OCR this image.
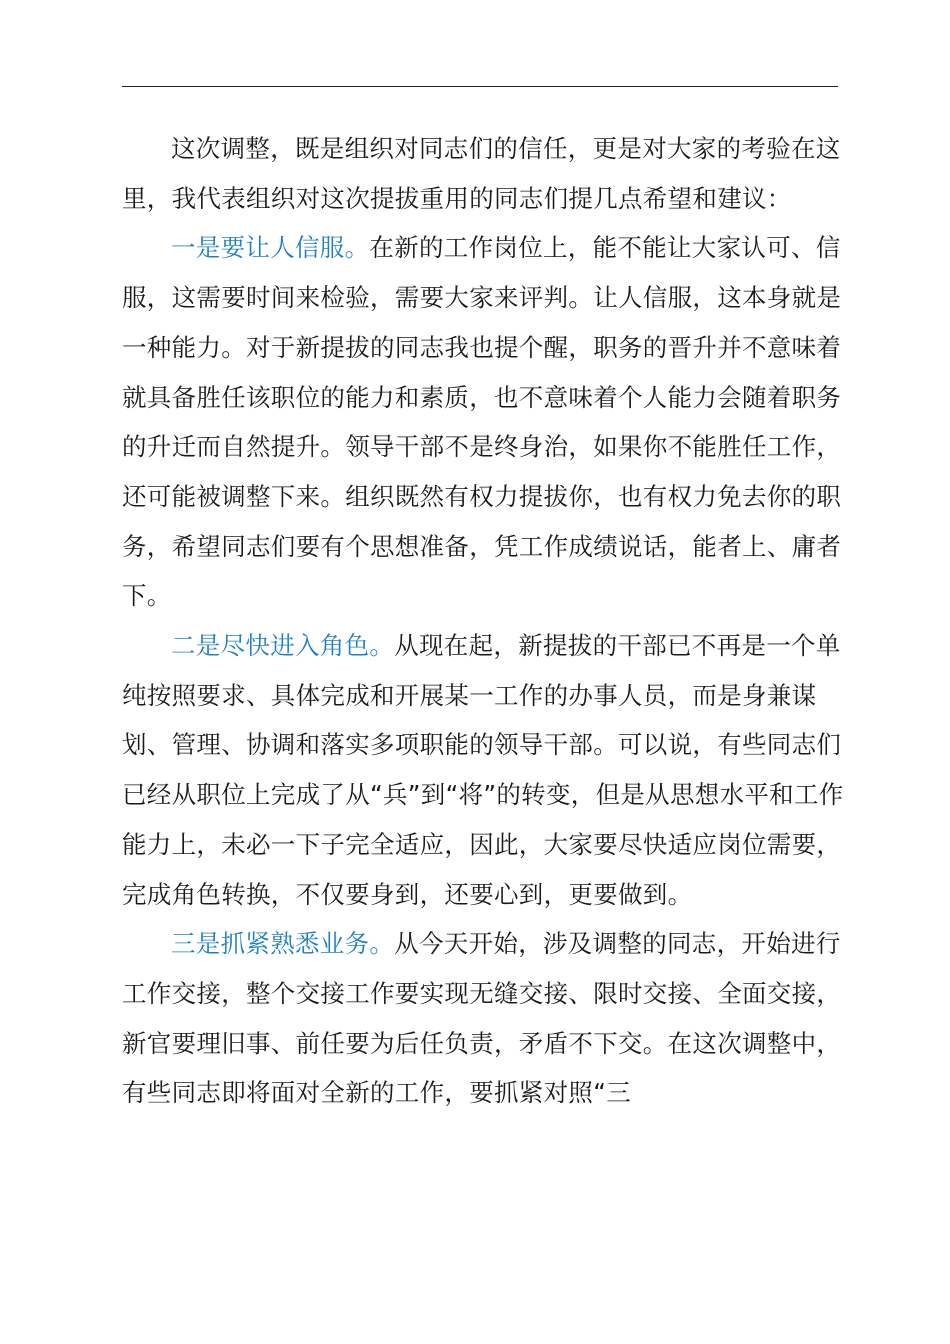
这次调整，既是组织对同志们的信任，更是对大家的考验在这里，我代表组织对这次提拔重用的同志们提几点希望和建议：

一是要让人信服。在新的工作岗位上，能不能让大家认可、信服，这需要时间来检验，需要大家来评判。让人信服，这本身就是一种能力。对于新提拔的同志我也提个醒，职务的晋升并不意味着就具备胜任该职位的能力和素质，也不意味着个人能力会随着职务的升迁而自然提升。领导干部不是终身治，如果你不能胜任工作，还可能被调整下来。组织既然有权力提拔你，也有权力免去你的职务，希望同志们要有个思想准备，凭工作成绩说话，能者上、庸者下。

二是尽快进入角色。从现在起，新提拔的干部已不再是一个单纯按照要求、具体完成和开展某一工作的办事人员，而是身兼谋划、管理、协调和落实多项职能的领导干部。可以说，有些同志们已经从职位上完成了从“兵”到“将”的转变，但是从思想水平和工作能力上，未必一下子完全适应，因此，大家要尽快适应岗位需要，完成角色转换，不仅要身到，还要心到，更要做到。

三是抓紧熟悉业务。从今天开始，涉及调整的同志，开始进行工作交接，整个交接工作要实现无缝交接、限时交接、全面交接，新官要理旧事、前任要为后任负责，矛盾不下交。在这次调整中，有些同志即将面对全新的工作，要抓紧对照“三
